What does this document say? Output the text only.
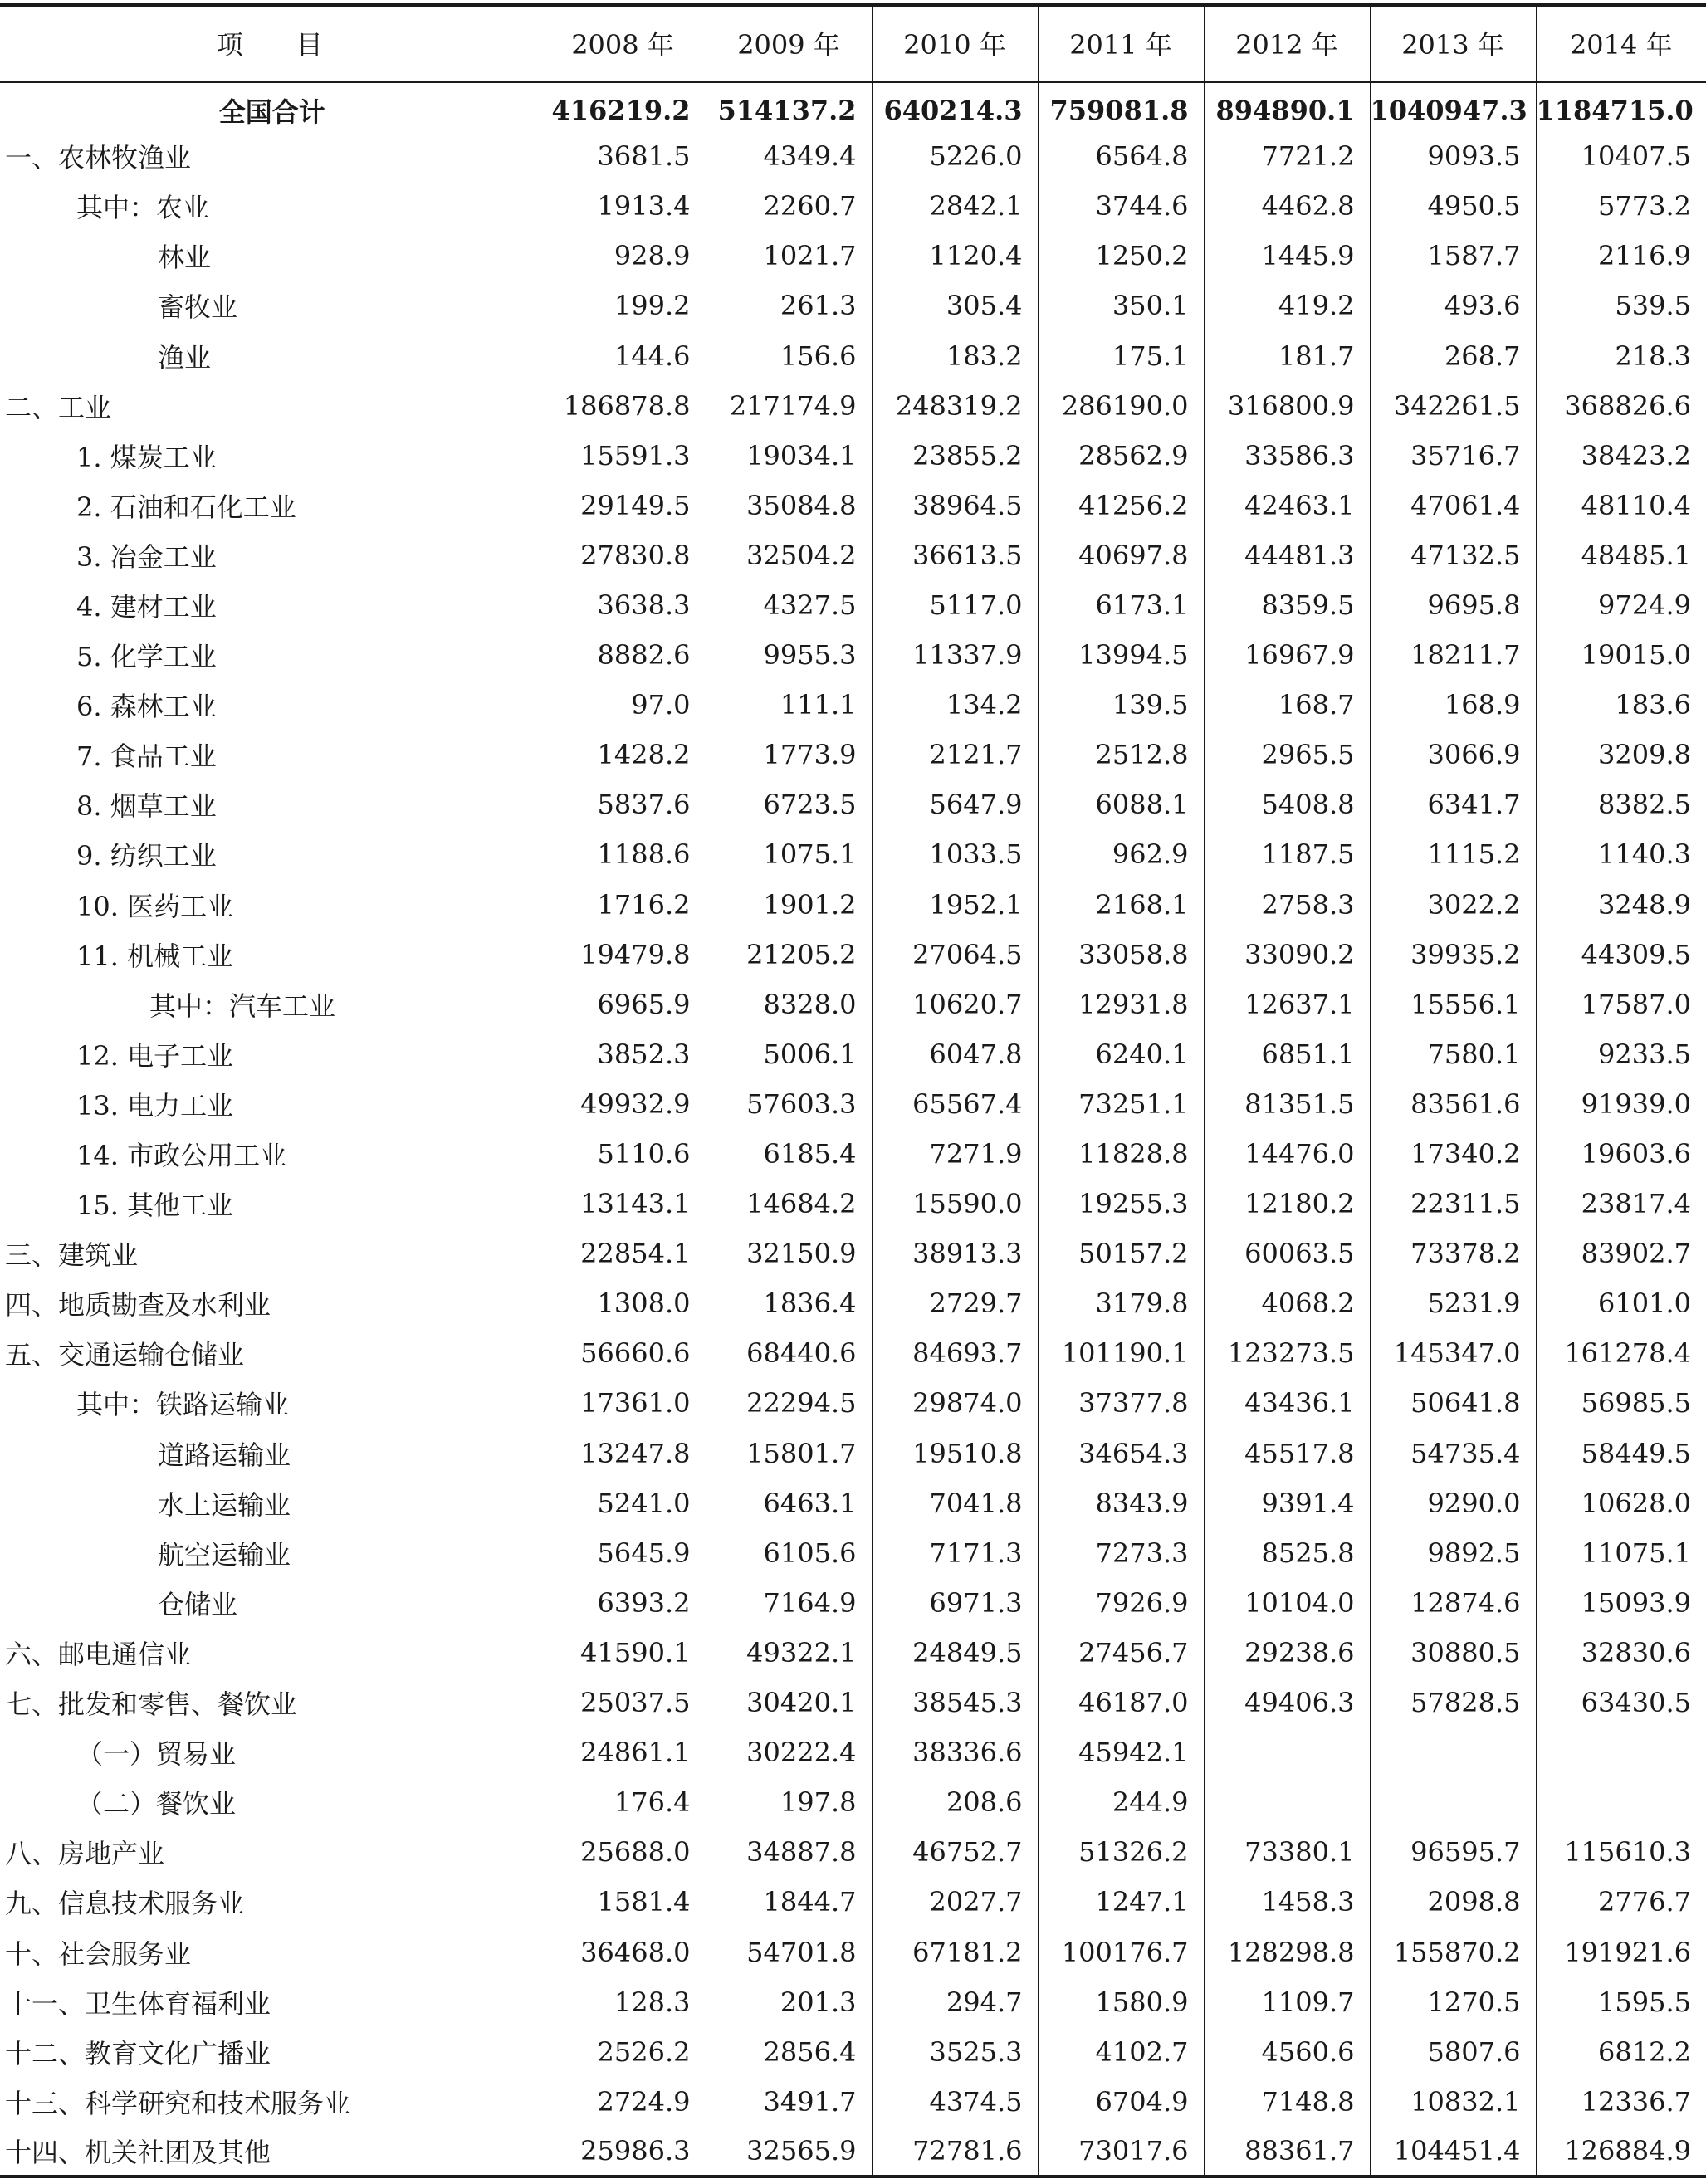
项　　目	2008 年	2009 年	2010 年	2011 年	2012 年	2013 年	2014 年
全国合计	416219.2	514137.2	640214.3	759081.8	894890.1	1040947.3	1184715.0
一、农林牧渔业	3681.5	4349.4	5226.0	6564.8	7721.2	9093.5	10407.5
其中：农业	1913.4	2260.7	2842.1	3744.6	4462.8	4950.5	5773.2
林业	928.9	1021.7	1120.4	1250.2	1445.9	1587.7	2116.9
畜牧业	199.2	261.3	305.4	350.1	419.2	493.6	539.5
渔业	144.6	156.6	183.2	175.1	181.7	268.7	218.3
二、工业	186878.8	217174.9	248319.2	286190.0	316800.9	342261.5	368826.6
1. 煤炭工业	15591.3	19034.1	23855.2	28562.9	33586.3	35716.7	38423.2
2. 石油和石化工业	29149.5	35084.8	38964.5	41256.2	42463.1	47061.4	48110.4
3. 冶金工业	27830.8	32504.2	36613.5	40697.8	44481.3	47132.5	48485.1
4. 建材工业	3638.3	4327.5	5117.0	6173.1	8359.5	9695.8	9724.9
5. 化学工业	8882.6	9955.3	11337.9	13994.5	16967.9	18211.7	19015.0
6. 森林工业	97.0	111.1	134.2	139.5	168.7	168.9	183.6
7. 食品工业	1428.2	1773.9	2121.7	2512.8	2965.5	3066.9	3209.8
8. 烟草工业	5837.6	6723.5	5647.9	6088.1	5408.8	6341.7	8382.5
9. 纺织工业	1188.6	1075.1	1033.5	962.9	1187.5	1115.2	1140.3
10. 医药工业	1716.2	1901.2	1952.1	2168.1	2758.3	3022.2	3248.9
11. 机械工业	19479.8	21205.2	27064.5	33058.8	33090.2	39935.2	44309.5
其中：汽车工业	6965.9	8328.0	10620.7	12931.8	12637.1	15556.1	17587.0
12. 电子工业	3852.3	5006.1	6047.8	6240.1	6851.1	7580.1	9233.5
13. 电力工业	49932.9	57603.3	65567.4	73251.1	81351.5	83561.6	91939.0
14. 市政公用工业	5110.6	6185.4	7271.9	11828.8	14476.0	17340.2	19603.6
15. 其他工业	13143.1	14684.2	15590.0	19255.3	12180.2	22311.5	23817.4
三、建筑业	22854.1	32150.9	38913.3	50157.2	60063.5	73378.2	83902.7
四、地质勘查及水利业	1308.0	1836.4	2729.7	3179.8	4068.2	5231.9	6101.0
五、交通运输仓储业	56660.6	68440.6	84693.7	101190.1	123273.5	145347.0	161278.4
其中：铁路运输业	17361.0	22294.5	29874.0	37377.8	43436.1	50641.8	56985.5
道路运输业	13247.8	15801.7	19510.8	34654.3	45517.8	54735.4	58449.5
水上运输业	5241.0	6463.1	7041.8	8343.9	9391.4	9290.0	10628.0
航空运输业	5645.9	6105.6	7171.3	7273.3	8525.8	9892.5	11075.1
仓储业	6393.2	7164.9	6971.3	7926.9	10104.0	12874.6	15093.9
六、邮电通信业	41590.1	49322.1	24849.5	27456.7	29238.6	30880.5	32830.6
七、批发和零售、餐饮业	25037.5	30420.1	38545.3	46187.0	49406.3	57828.5	63430.5
（一）贸易业	24861.1	30222.4	38336.6	45942.1			
（二）餐饮业	176.4	197.8	208.6	244.9			
八、房地产业	25688.0	34887.8	46752.7	51326.2	73380.1	96595.7	115610.3
九、信息技术服务业	1581.4	1844.7	2027.7	1247.1	1458.3	2098.8	2776.7
十、社会服务业	36468.0	54701.8	67181.2	100176.7	128298.8	155870.2	191921.6
十一、卫生体育福利业	128.3	201.3	294.7	1580.9	1109.7	1270.5	1595.5
十二、教育文化广播业	2526.2	2856.4	3525.3	4102.7	4560.6	5807.6	6812.2
十三、科学研究和技术服务业	2724.9	3491.7	4374.5	6704.9	7148.8	10832.1	12336.7
十四、机关社团及其他	25986.3	32565.9	72781.6	73017.6	88361.7	104451.4	126884.9
